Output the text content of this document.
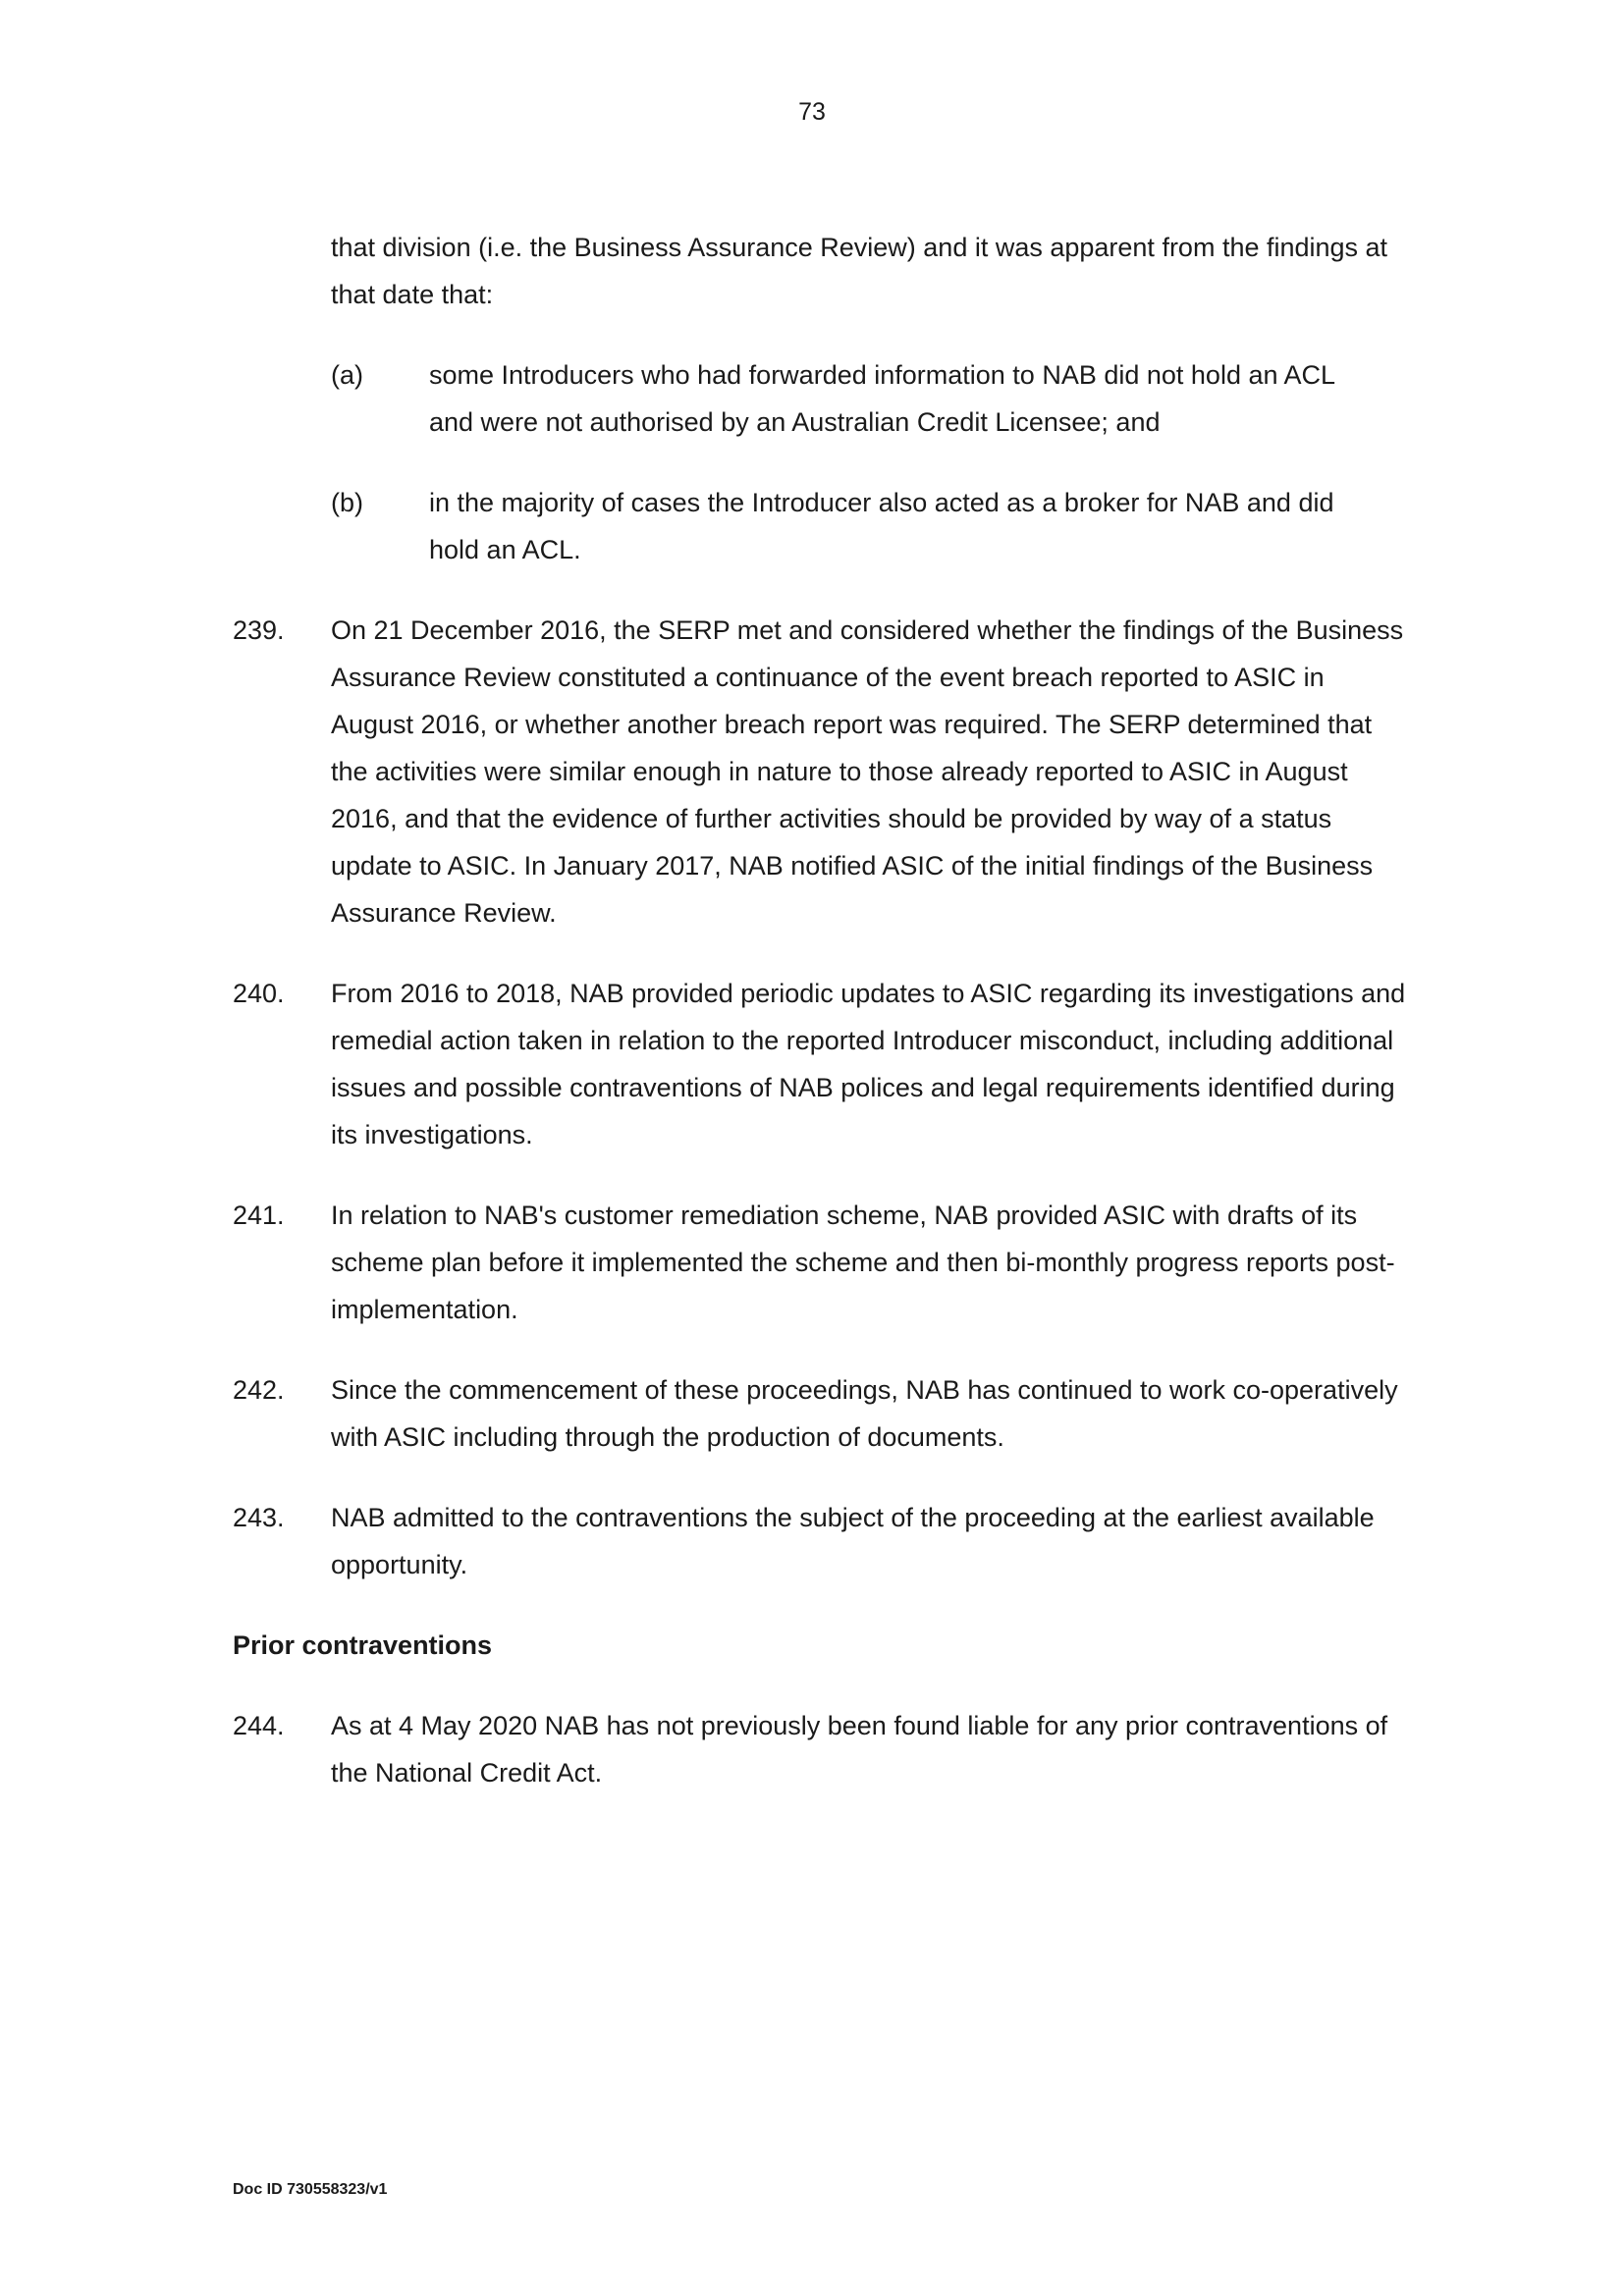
73
that division (i.e. the Business Assurance Review) and it was apparent from the findings at that date that:
(a)	some Introducers who had forwarded information to NAB did not hold an ACL and were not authorised by an Australian Credit Licensee; and
(b)	in the majority of cases the Introducer also acted as a broker for NAB and did hold an ACL.
239.	On 21 December 2016, the SERP met and considered whether the findings of the Business Assurance Review constituted a continuance of the event breach reported to ASIC in August 2016, or whether another breach report was required. The SERP determined that the activities were similar enough in nature to those already reported to ASIC in August 2016, and that the evidence of further activities should be provided by way of a status update to ASIC. In January 2017, NAB notified ASIC of the initial findings of the Business Assurance Review.
240.	From 2016 to 2018, NAB provided periodic updates to ASIC regarding its investigations and remedial action taken in relation to the reported Introducer misconduct, including additional issues and possible contraventions of NAB polices and legal requirements identified during its investigations.
241.	In relation to NAB's customer remediation scheme, NAB provided ASIC with drafts of its scheme plan before it implemented the scheme and then bi-monthly progress reports post-implementation.
242.	Since the commencement of these proceedings, NAB has continued to work co-operatively with ASIC including through the production of documents.
243.	NAB admitted to the contraventions the subject of the proceeding at the earliest available opportunity.
Prior contraventions
244.	As at 4 May 2020 NAB has not previously been found liable for any prior contraventions of the National Credit Act.
Doc ID 730558323/v1
